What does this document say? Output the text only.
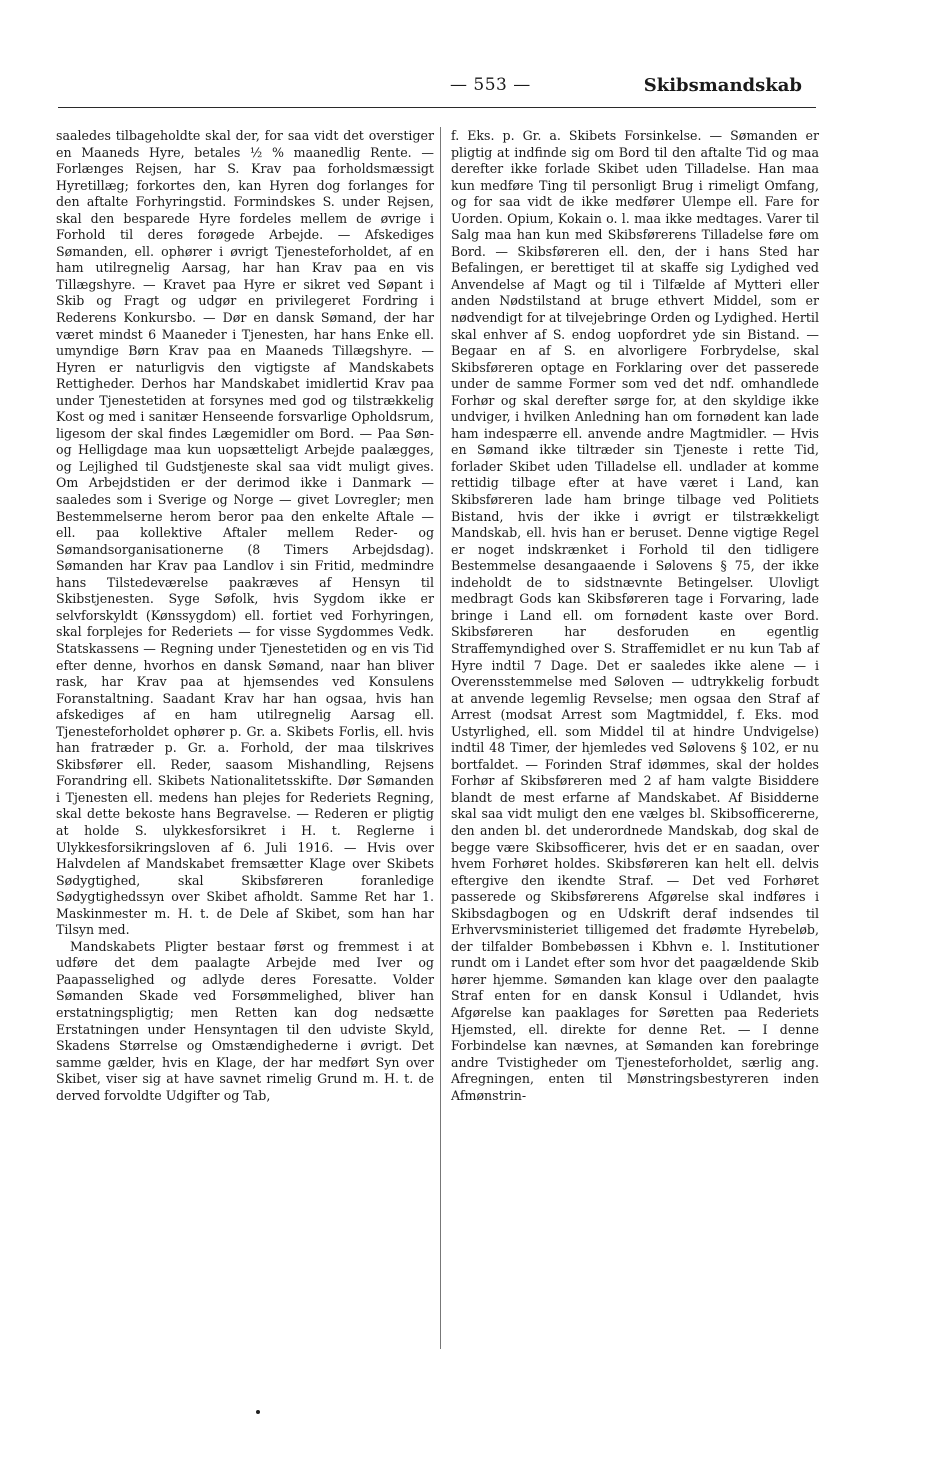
— 553 —	Skibsmandskab

saaledes tilbageholdte skal der, for saa vidt det overstiger en Maaneds Hyre, betales ½ % maanedlig Rente. — Forlænges Rejsen, har S. Krav paa forholdsmæssigt Hyretillæg; forkortes den, kan Hyren dog forlanges for den aftalte Forhyringstid. Formindskes S. under Rejsen, skal den besparede Hyre fordeles mellem de øvrige i Forhold til deres forøgede Arbejde. — Afskediges Sømanden, ell. ophører i øvrigt Tjenesteforholdet, af en ham utilregnelig Aarsag, har han Krav paa en vis Tillægshyre. — Kravet paa Hyre er sikret ved Søpant i Skib og Fragt og udgør en privilegeret Fordring i Rederens Konkursbo. — Dør en dansk Sømand, der har været mindst 6 Maaneder i Tjenesten, har hans Enke ell. umyndige Børn Krav paa en Maaneds Tillægshyre. — Hyren er naturligvis den vigtigste af Mandskabets Rettigheder. Derhos har Mandskabet imidlertid Krav paa under Tjenestetiden at forsynes med god og tilstrækkelig Kost og med i sanitær Henseende forsvarlige Opholdsrum, ligesom der skal findes Lægemidler om Bord. — Paa Søn- og Helligdage maa kun uopsætteligt Arbejde paalægges, og Lejlighed til Gudstjeneste skal saa vidt muligt gives. Om Arbejdstiden er der derimod ikke i Danmark — saaledes som i Sverige og Norge — givet Lovregler; men Bestemmelserne herom beror paa den enkelte Aftale — ell. paa kollektive Aftaler mellem Reder- og Sømandsorganisationerne (8 Timers Arbejdsdag). Sømanden har Krav paa Landlov i sin Fritid, medmindre hans Tilstedeværelse paakræves af Hensyn til Skibstjenesten. Syge Søfolk, hvis Sygdom ikke er selvforskyldt (Kønssygdom) ell. fortiet ved Forhyringen, skal forplejes for Rederiets — for visse Sygdommes Vedk. Statskassens — Regning under Tjenestetiden og en vis Tid efter denne, hvorhos en dansk Sømand, naar han bliver rask, har Krav paa at hjemsendes ved Konsulens Foranstaltning. Saadant Krav har han ogsaa, hvis han afskediges af en ham utilregnelig Aarsag ell. Tjenesteforholdet ophører p. Gr. a. Skibets Forlis, ell. hvis han fratræder p. Gr. a. Forhold, der maa tilskrives Skibsfører ell. Reder, saasom Mishandling, Rejsens Forandring ell. Skibets Nationalitetsskifte. Dør Sømanden i Tjenesten ell. medens han plejes for Rederiets Regning, skal dette bekoste hans Begravelse. — Rederen er pligtig at holde S. ulykkesforsikret i H. t. Reglerne i Ulykkesforsikringsloven af 6. Juli 1916. — Hvis over Halvdelen af Mandskabet fremsætter Klage over Skibets Sødygtighed, skal Skibsføreren foranledige Sødygtighedssyn over Skibet afholdt. Samme Ret har 1. Maskinmester m. H. t. de Dele af Skibet, som han har Tilsyn med.

Mandskabets Pligter bestaar først og fremmest i at udføre det dem paalagte Arbejde med Iver og Paapasselighed og adlyde deres Foresatte. Volder Sømanden Skade ved Forsømmelighed, bliver han erstatningspligtig; men Retten kan dog nedsætte Erstatningen under Hensyntagen til den udviste Skyld, Skadens Størrelse og Omstændighederne i øvrigt. Det samme gælder, hvis en Klage, der har medført Syn over Skibet, viser sig at have savnet rimelig Grund m. H. t. de derved forvoldte Udgifter og Tab,

f. Eks. p. Gr. a. Skibets Forsinkelse. — Sømanden er pligtig at indfinde sig om Bord til den aftalte Tid og maa derefter ikke forlade Skibet uden Tilladelse. Han maa kun medføre Ting til personligt Brug i rimeligt Omfang, og for saa vidt de ikke medfører Ulempe ell. Fare for Uorden. Opium, Kokain o. l. maa ikke medtages. Varer til Salg maa han kun med Skibsførerens Tilladelse føre om Bord. — Skibsføreren ell. den, der i hans Sted har Befalingen, er berettiget til at skaffe sig Lydighed ved Anvendelse af Magt og til i Tilfælde af Mytteri eller anden Nødstilstand at bruge ethvert Middel, som er nødvendigt for at tilvejebringe Orden og Lydighed. Hertil skal enhver af S. endog uopfordret yde sin Bistand. — Begaar en af S. en alvorligere Forbrydelse, skal Skibsføreren optage en Forklaring over det passerede under de samme Former som ved det ndf. omhandlede Forhør og skal derefter sørge for, at den skyldige ikke undviger, i hvilken Anledning han om fornødent kan lade ham indespærre ell. anvende andre Magtmidler. — Hvis en Sømand ikke tiltræder sin Tjeneste i rette Tid, forlader Skibet uden Tilladelse ell. undlader at komme rettidig tilbage efter at have været i Land, kan Skibsføreren lade ham bringe tilbage ved Politiets Bistand, hvis der ikke i øvrigt er tilstrækkeligt Mandskab, ell. hvis han er beruset. Denne vigtige Regel er noget indskrænket i Forhold til den tidligere Bestemmelse desangaaende i Sølovens § 75, der ikke indeholdt de to sidstnævnte Betingelser. Ulovligt medbragt Gods kan Skibsføreren tage i Forvaring, lade bringe i Land ell. om fornødent kaste over Bord. Skibsføreren har desforuden en egentlig Straffemyndighed over S. Straffemidlet er nu kun Tab af Hyre indtil 7 Dage. Det er saaledes ikke alene — i Overensstemmelse med Søloven — udtrykkelig forbudt at anvende legemlig Revselse; men ogsaa den Straf af Arrest (modsat Arrest som Magtmiddel, f. Eks. mod Ustyrlighed, ell. som Middel til at hindre Undvigelse) indtil 48 Timer, der hjemledes ved Sølovens § 102, er nu bortfaldet. — Forinden Straf idømmes, skal der holdes Forhør af Skibsføreren med 2 af ham valgte Bisiddere blandt de mest erfarne af Mandskabet. Af Bisidderne skal saa vidt muligt den ene vælges bl. Skibsofficererne, den anden bl. det underordnede Mandskab, dog skal de begge være Skibsofficerer, hvis det er en saadan, over hvem Forhøret holdes. Skibsføreren kan helt ell. delvis eftergive den ikendte Straf. — Det ved Forhøret passerede og Skibsførerens Afgørelse skal indføres i Skibsdagbogen og en Udskrift deraf indsendes til Erhvervsministeriet tilligemed det fradømte Hyrebeløb, der tilfalder Bombebøssen i Kbhvn e. l. Institutioner rundt om i Landet efter som hvor det paagældende Skib hører hjemme. Sømanden kan klage over den paalagte Straf enten for en dansk Konsul i Udlandet, hvis Afgørelse kan paaklages for Søretten paa Rederiets Hjemsted, ell. direkte for denne Ret. — I denne Forbindelse kan nævnes, at Sømanden kan forebringe andre Tvistigheder om Tjenesteforholdet, særlig ang. Afregningen, enten til Mønstringsbestyreren inden Afmønstrin-
